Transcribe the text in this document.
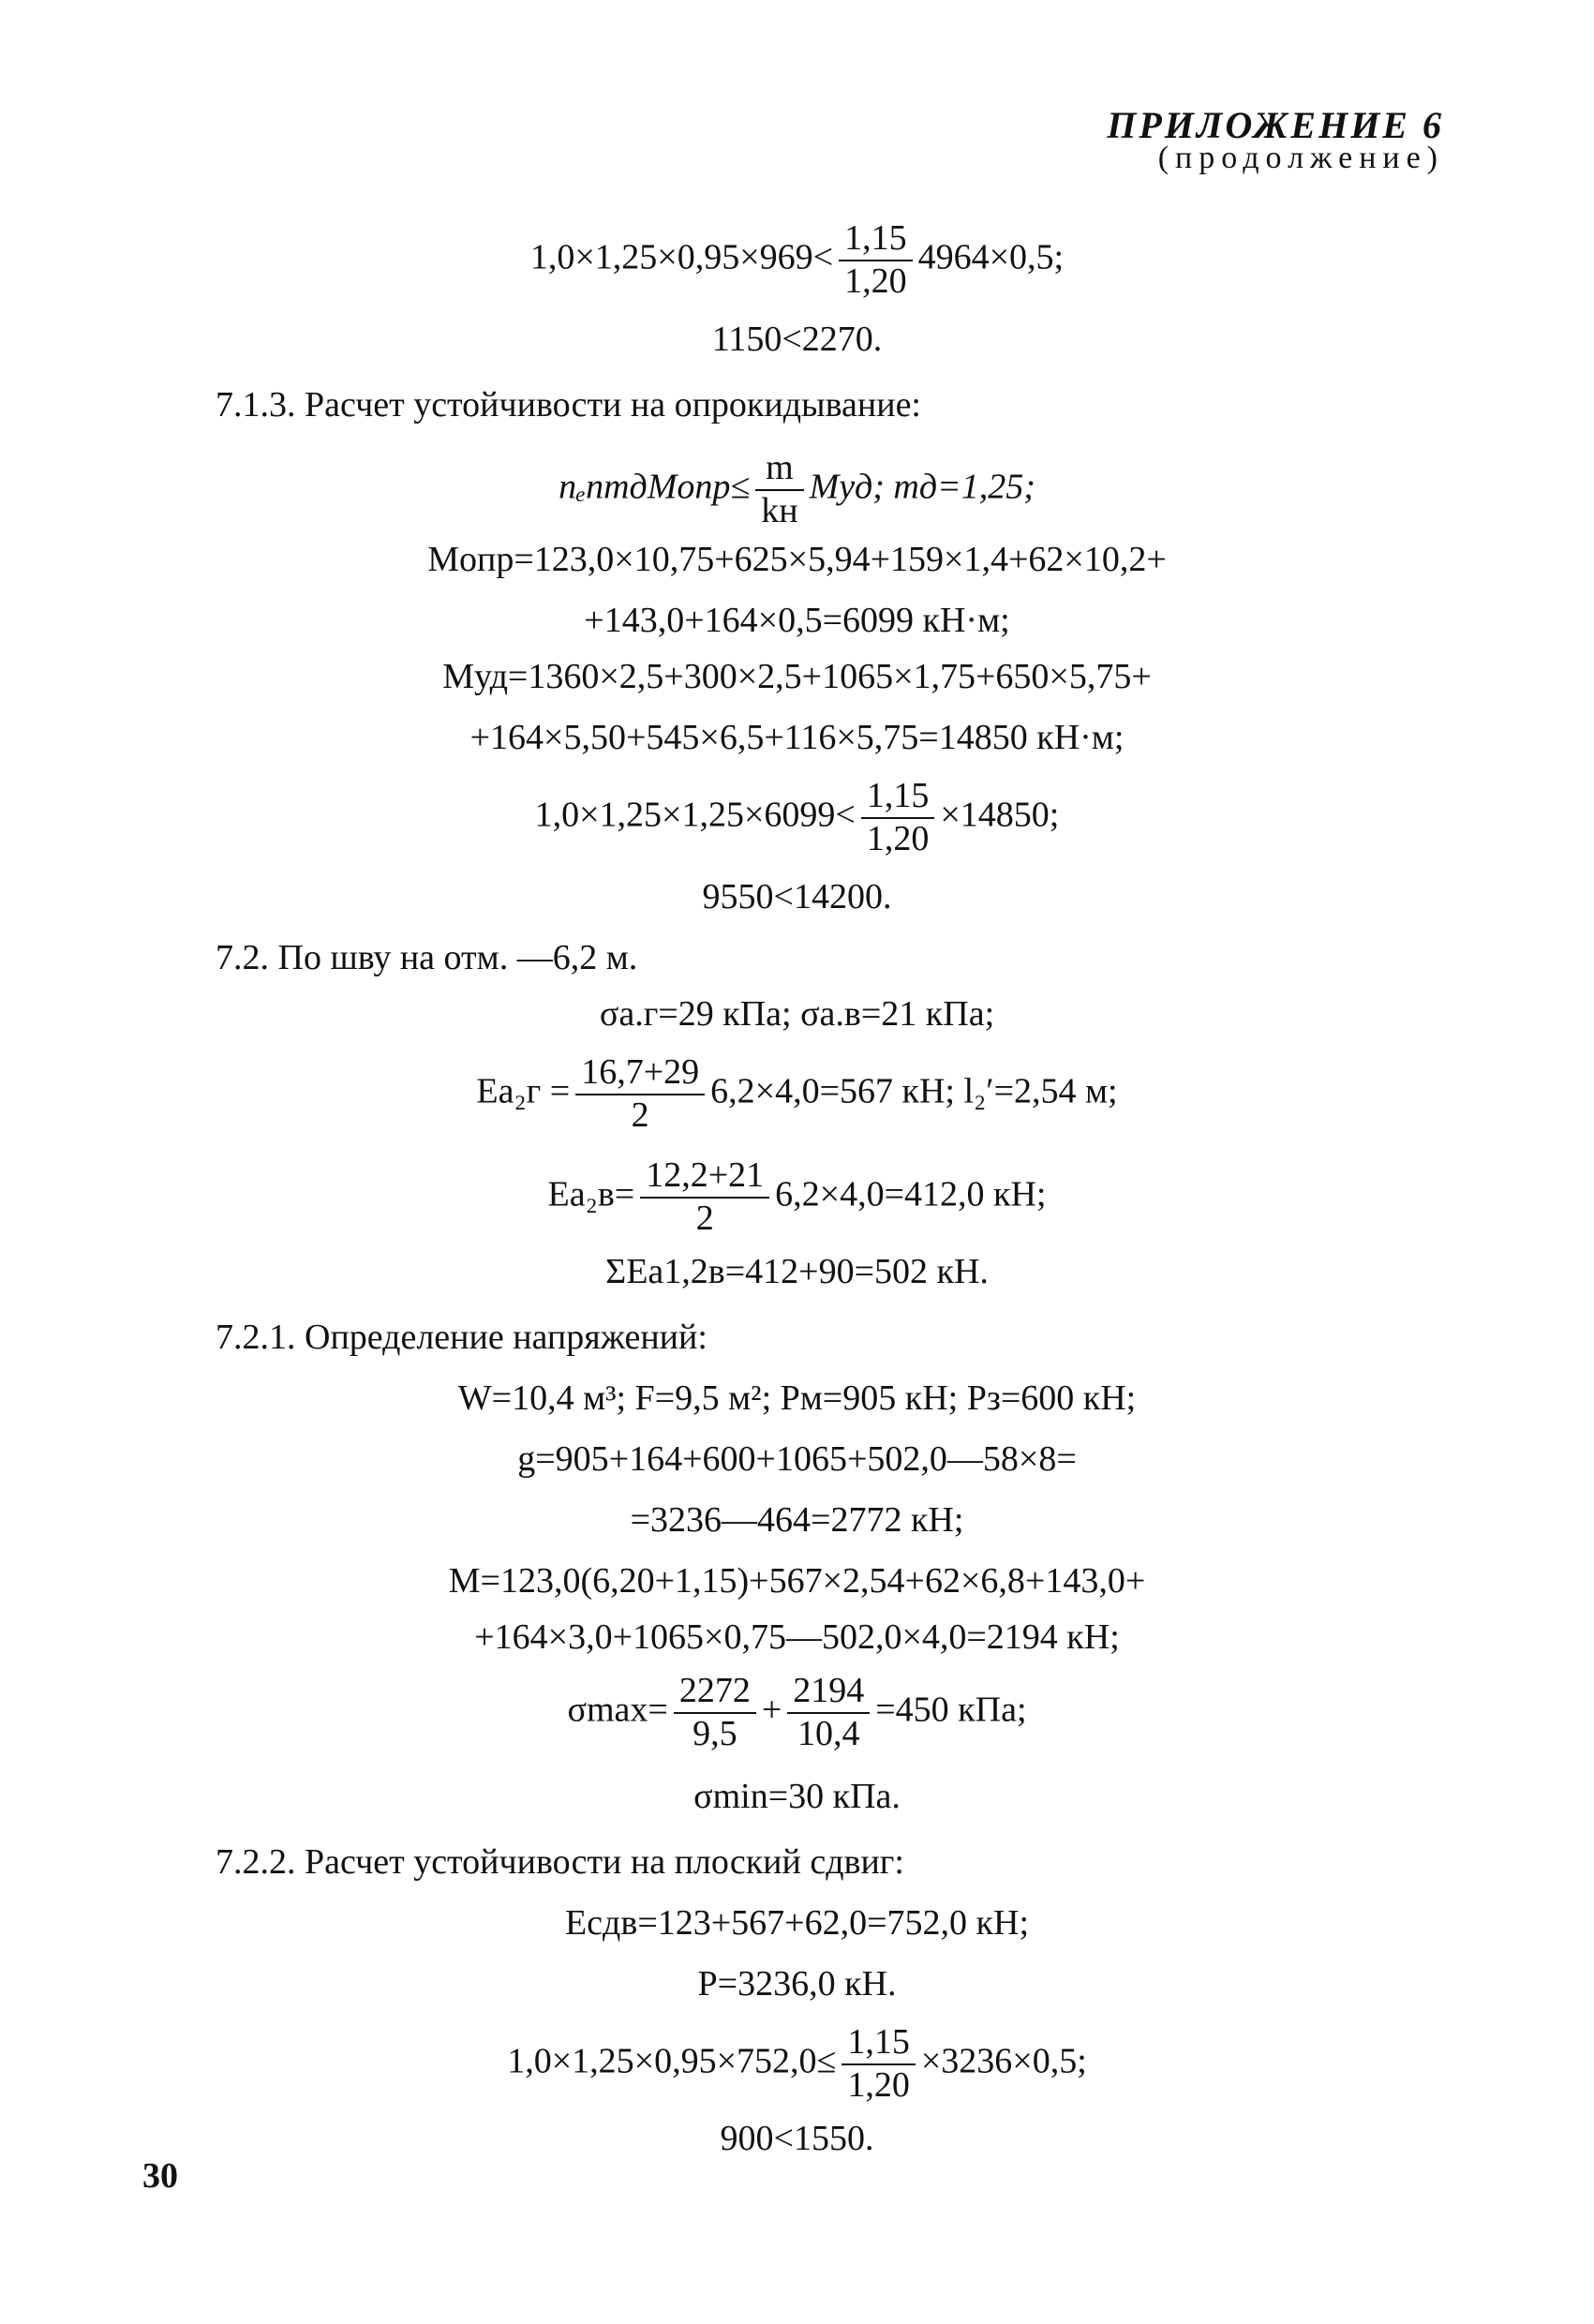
ПРИЛОЖЕНИЕ 6
(продолжение)
$1,0\times 1,25\times 0,95\times 969< \frac{1,15}{1,20} 4964\times 0,5$;
1150<2270.
7.1.3. Расчет устойчивости на опрокидывание:
nₑnmдMопр≤ $\frac{m}{kн}$ Mуд; mд=1,25;
Mопр=123,0×10,75+625×5,94+159×1,4+62×10,2+
+143,0+164×0,5=6099 кН·м;
Mуд=1360×2,5+300×2,5+1065×1,75+650×5,75+
+164×5,50+545×6,5+116×5,75=14850 кН·м;
$1,0\times 1,25\times 1,25\times 6099< \frac{1,15}{1,20} \times 14850$;
9550<14200.
7.2. По шву на отм. —6,2 м.
σа.г=29 кПа; σа.в=21 кПа;
$Eа_2г = \frac{16,7+29}{2} 6,2\times 4,0=567$ кН; l₂′=2,54 м;
$Eа_2в= \frac{12,2+21}{2} 6,2\times 4,0=412,0$ кН;
ΣEа1,2в=412+90=502 кН.
7.2.1. Определение напряжений:
W=10,4 м³; F=9,5 м²; Pм=905 кН; Pз=600 кН;
g=905+164+600+1065+502,0—58×8=
=3236—464=2772 кН;
M=123,0(6,20+1,15)+567×2,54+62×6,8+143,0+
+164×3,0+1065×0,75—502,0×4,0=2194 кН;
$\sigma\max= \frac{2272}{9,5} + \frac{2194}{10,4} =450$ кПа;
σmin=30 кПа.
7.2.2. Расчет устойчивости на плоский сдвиг:
Eсдв=123+567+62,0=752,0 кН;
P=3236,0 кН.
$1,0\times 1,25\times 0,95\times 752,0\le \frac{1,15}{1,20} \times 3236\times 0,5$;
900<1550.
30
